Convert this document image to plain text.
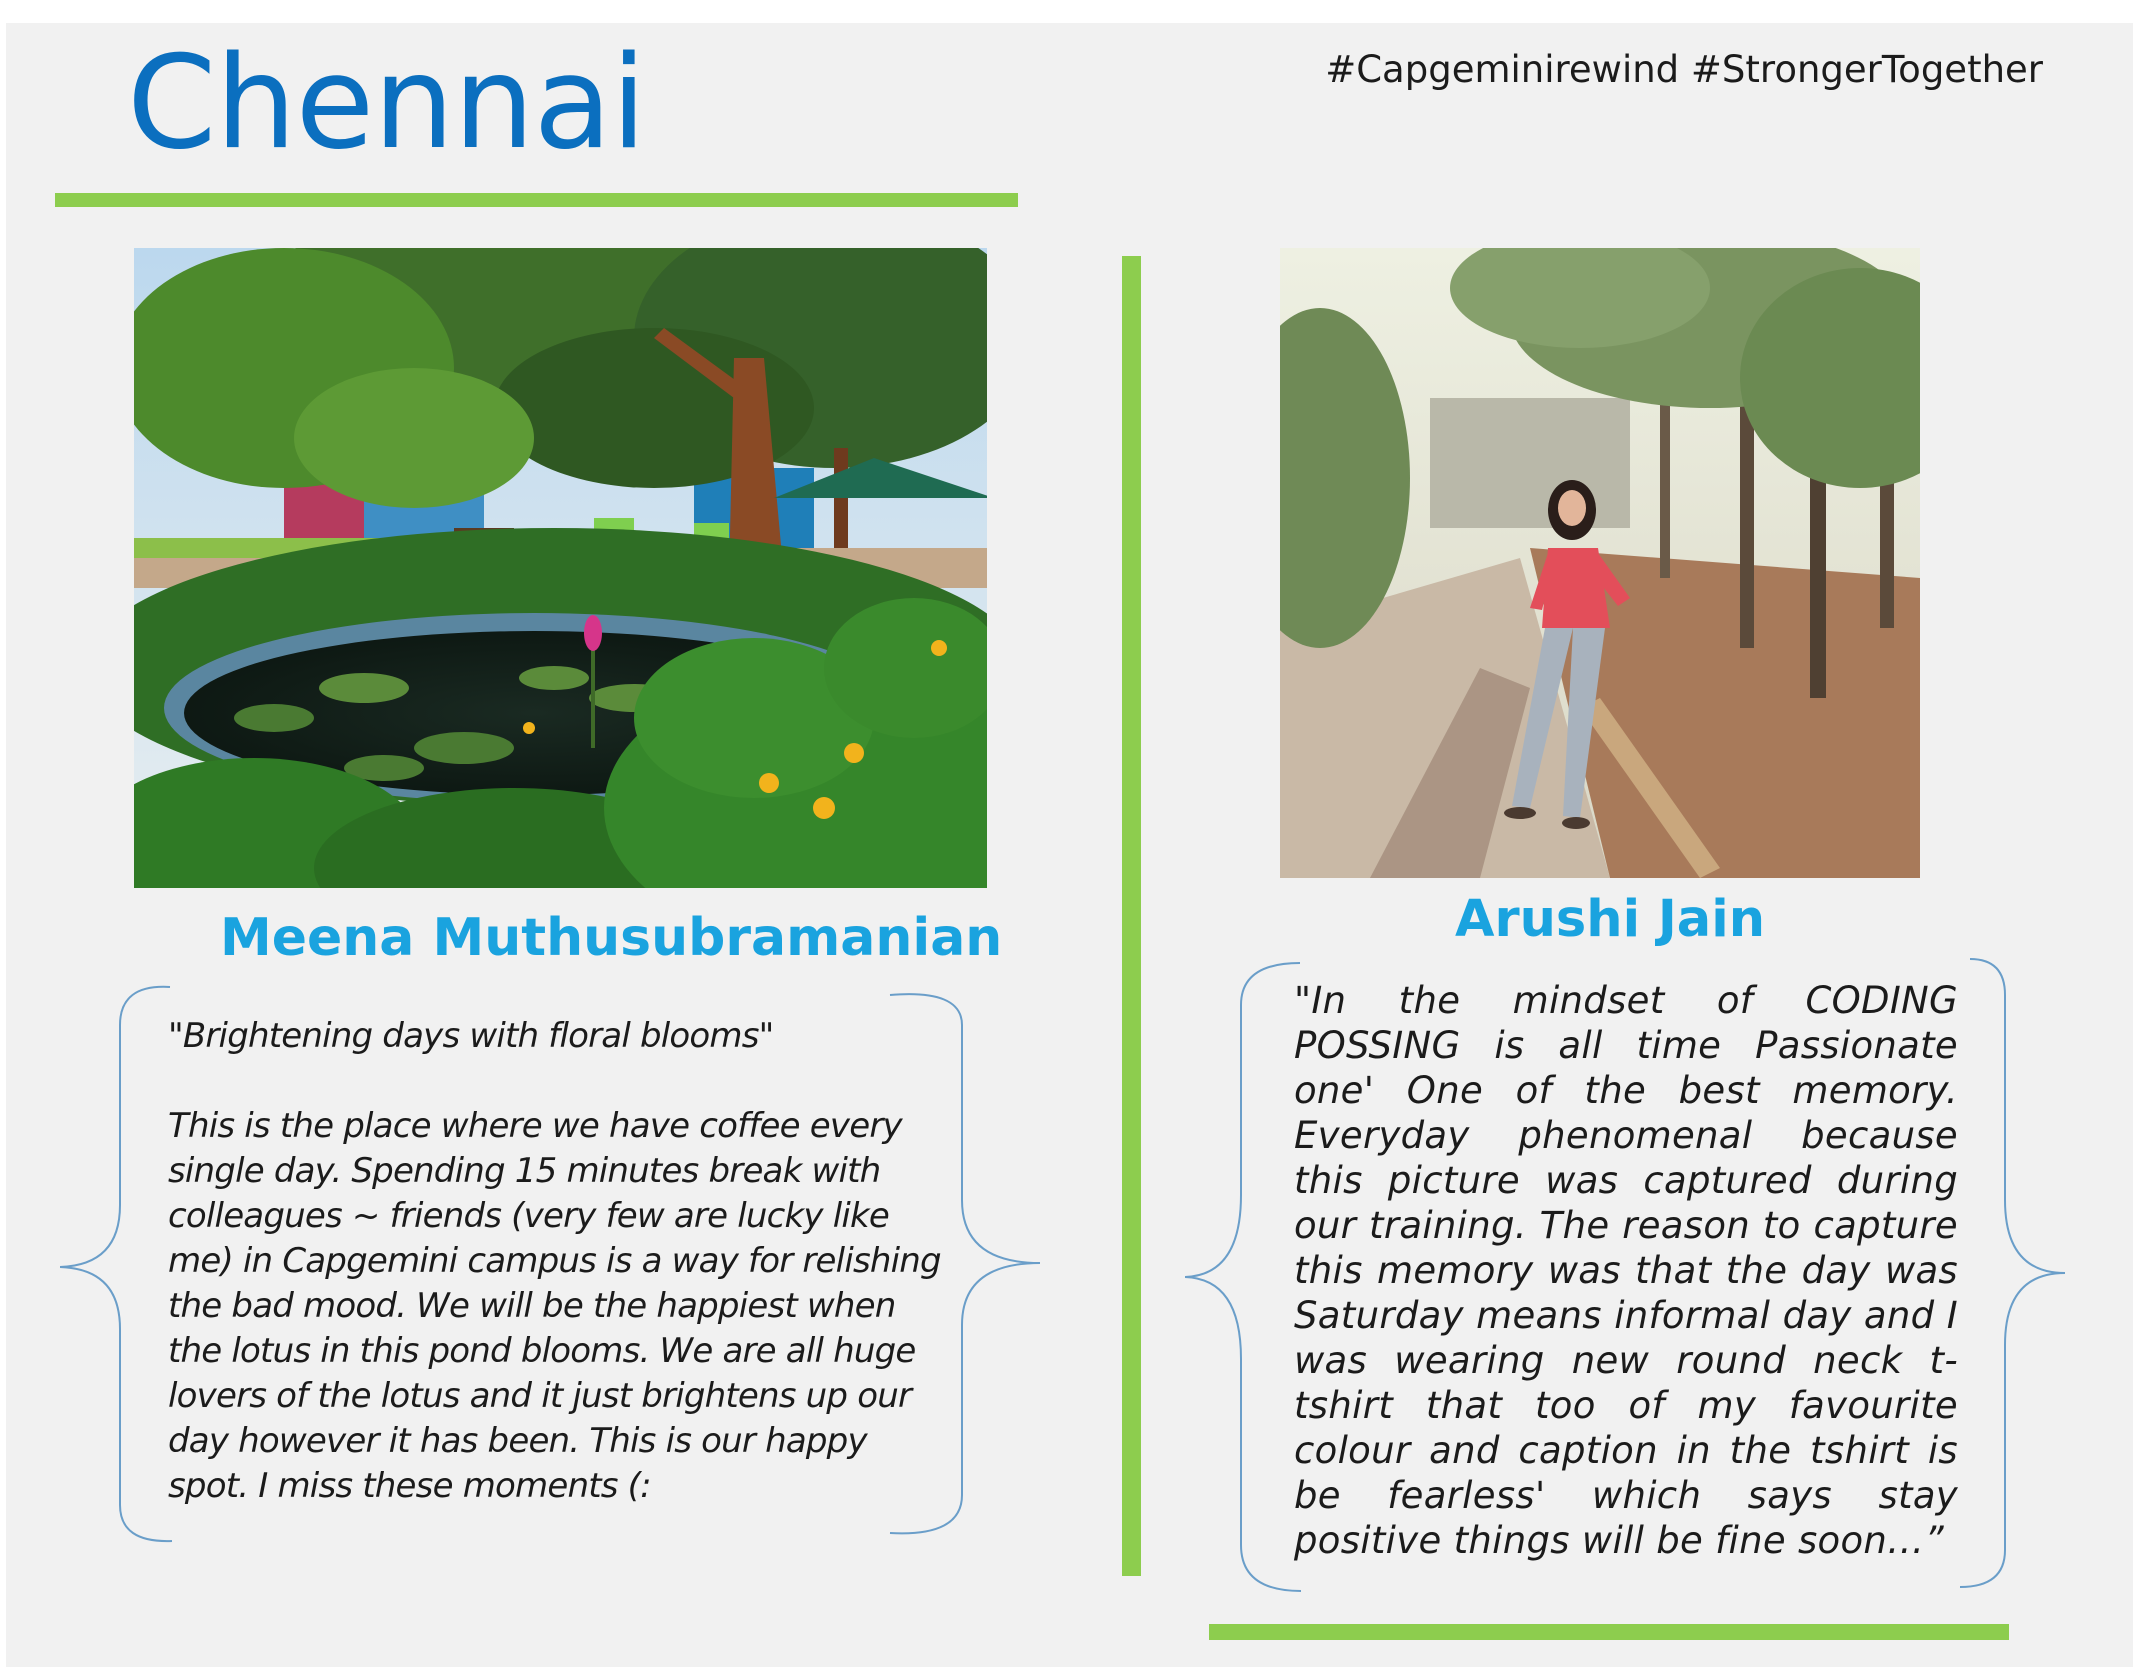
Chennai	#Capgeminirewind #StrongerTogether
Meena Muthusubramanian	Arushi Jain

"Brightening days with floral blooms"

This is the place where we have coffee every single day. Spending 15 minutes break with colleagues ~ friends (very few are lucky like me) in Capgemini campus is a way for relishing the bad mood. We will be the happiest when the lotus in this pond blooms. We are all huge lovers of the lotus and it just brightens up our day however it has been. This is our happy spot. I miss these moments (:

"In the mindset of CODING POSSING is all time Passionate one' One of the best memory. Everyday phenomenal because this picture was captured during our training. The reason to capture this memory was that the day was Saturday means informal day and I was wearing new round neck t-tshirt that too of my favourite colour and caption in the tshirt is be fearless' which says stay positive things will be fine soon…”
